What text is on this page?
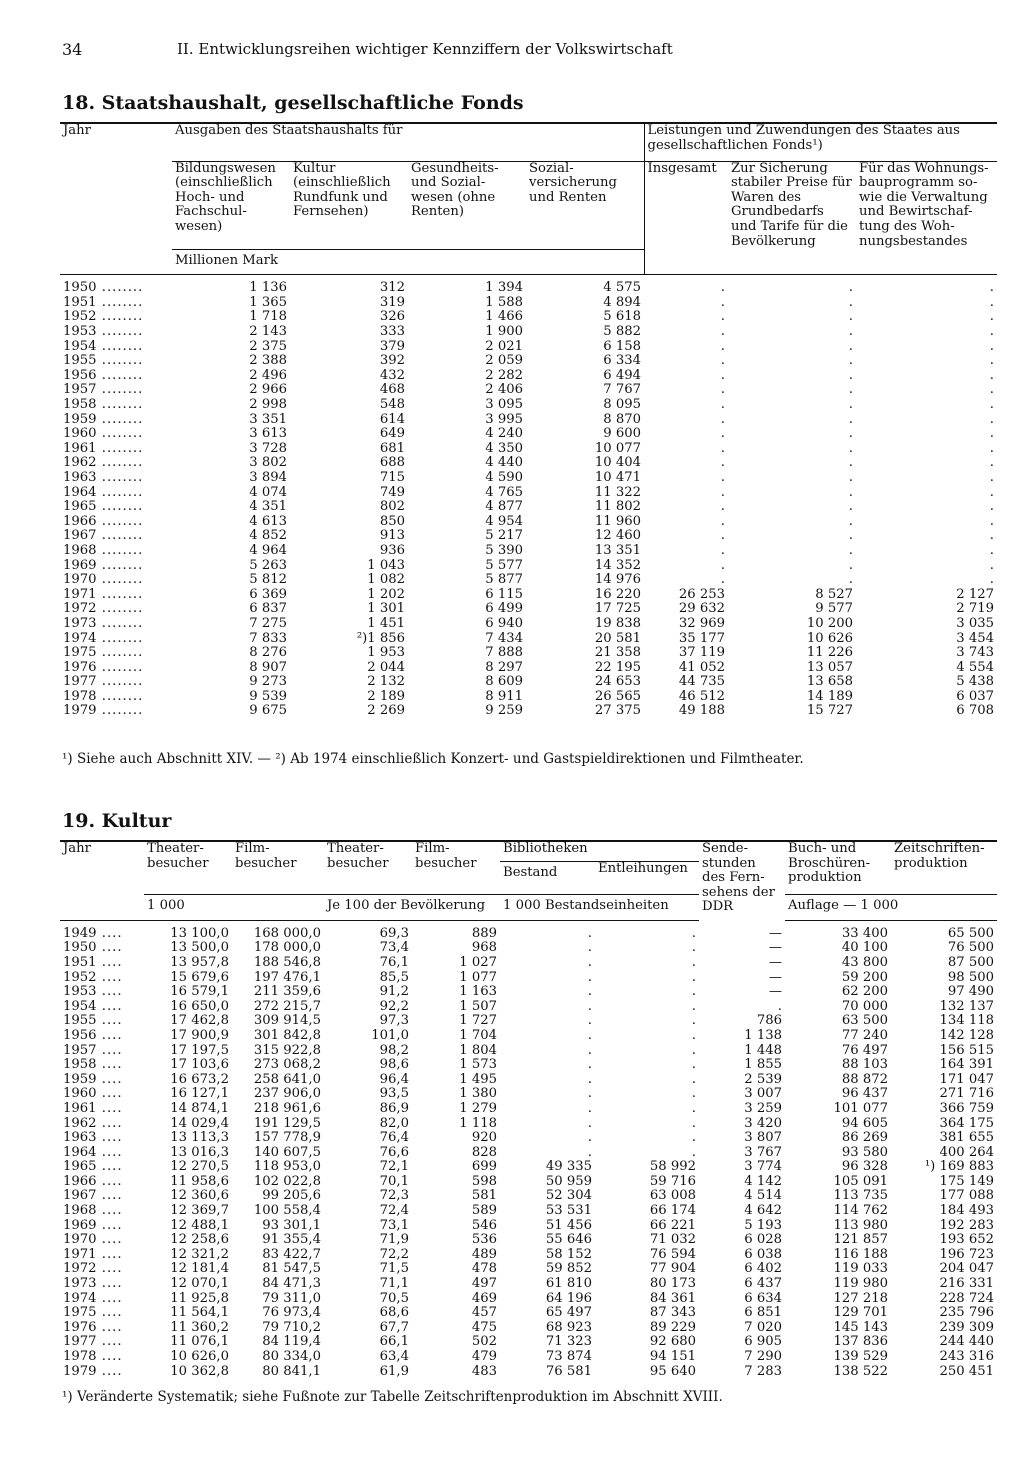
34	II. Entwicklungsreihen wichtiger Kennziffern der Volkswirtschaft
18. Staatshaushalt, gesellschaftliche Fonds
Jahr	Ausgaben des Staatshaushalts für				Leistungen und Zuwendungen des Staates aus gesellschaftlichen Fonds¹)		
	Bildungswesen (einschließlich Hoch- und Fachschul-wesen)	Kultur (einschließlich Rundfunk und Fernsehen)	Gesundheits- und Sozial-wesen (ohne Renten)	Sozial-versicherung und Renten	Insgesamt	Zur Sicherung stabiler Preise für Waren des Grundbedarfs und Tarife für die Bevölkerung	Für das Wohnungs-bauprogramm so-wie die Verwaltung und Bewirtschaf-tung des Woh-nungsbestandes
	Millionen Mark						

1950 ........	1 136	312	1 394	4 575	.	.	.
1951 ........	1 365	319	1 588	4 894	.	.	.
1952 ........	1 718	326	1 466	5 618	.	.	.
1953 ........	2 143	333	1 900	5 882	.	.	.
1954 ........	2 375	379	2 021	6 158	.	.	.
1955 ........	2 388	392	2 059	6 334	.	.	.
1956 ........	2 496	432	2 282	6 494	.	.	.
1957 ........	2 966	468	2 406	7 767	.	.	.
1958 ........	2 998	548	3 095	8 095	.	.	.
1959 ........	3 351	614	3 995	8 870	.	.	.
1960 ........	3 613	649	4 240	9 600	.	.	.
1961 ........	3 728	681	4 350	10 077	.	.	.
1962 ........	3 802	688	4 440	10 404	.	.	.
1963 ........	3 894	715	4 590	10 471	.	.	.
1964 ........	4 074	749	4 765	11 322	.	.	.
1965 ........	4 351	802	4 877	11 802	.	.	.
1966 ........	4 613	850	4 954	11 960	.	.	.
1967 ........	4 852	913	5 217	12 460	.	.	.
1968 ........	4 964	936	5 390	13 351	.	.	.
1969 ........	5 263	1 043	5 577	14 352	.	.	.
1970 ........	5 812	1 082	5 877	14 976	.	.	.
1971 ........	6 369	1 202	6 115	16 220	26 253	8 527	2 127
1972 ........	6 837	1 301	6 499	17 725	29 632	9 577	2 719
1973 ........	7 275	1 451	6 940	19 838	32 969	10 200	3 035
1974 ........	7 833	²)1 856	7 434	20 581	35 177	10 626	3 454
1975 ........	8 276	1 953	7 888	21 358	37 119	11 226	3 743
1976 ........	8 907	2 044	8 297	22 195	41 052	13 057	4 554
1977 ........	9 273	2 132	8 609	24 653	44 735	13 658	5 438
1978 ........	9 539	2 189	8 911	26 565	46 512	14 189	6 037
1979 ........	9 675	2 269	9 259	27 375	49 188	15 727	6 708
¹) Siehe auch Abschnitt XIV. — ²) Ab 1974 einschließlich Konzert- und Gastspieldirektionen und Filmtheater.
19. Kultur
Jahr	Theater-besucher	Film-besucher	Theater-besucher	Film-besucher	Bibliotheken		Sende-stunden des Fern-sehens der DDR	Buch- und Broschüren-produktion	Zeitschriften-produktion
					Bestand	Entleihungen			
	1 000		Je 100 der Bevölkerung		1 000 Bestandseinheiten			Auflage — 1 000	

1949 ....	13 100,0	168 000,0	69,3	889	.	.	—	33 400	65 500
1950 ....	13 500,0	178 000,0	73,4	968	.	.	—	40 100	76 500
1951 ....	13 957,8	188 546,8	76,1	1 027	.	.	—	43 800	87 500
1952 ....	15 679,6	197 476,1	85,5	1 077	.	.	—	59 200	98 500
1953 ....	16 579,1	211 359,6	91,2	1 163	.	.	—	62 200	97 490
1954 ....	16 650,0	272 215,7	92,2	1 507	.	.	.	70 000	132 137
1955 ....	17 462,8	309 914,5	97,3	1 727	.	.	786	63 500	134 118
1956 ....	17 900,9	301 842,8	101,0	1 704	.	.	1 138	77 240	142 128
1957 ....	17 197,5	315 922,8	98,2	1 804	.	.	1 448	76 497	156 515
1958 ....	17 103,6	273 068,2	98,6	1 573	.	.	1 855	88 103	164 391
1959 ....	16 673,2	258 641,0	96,4	1 495	.	.	2 539	88 872	171 047
1960 ....	16 127,1	237 906,0	93,5	1 380	.	.	3 007	96 437	271 716
1961 ....	14 874,1	218 961,6	86,9	1 279	.	.	3 259	101 077	366 759
1962 ....	14 029,4	191 129,5	82,0	1 118	.	.	3 420	94 605	364 175
1963 ....	13 113,3	157 778,9	76,4	920	.	.	3 807	86 269	381 655
1964 ....	13 016,3	140 607,5	76,6	828	.	.	3 767	93 580	400 264
1965 ....	12 270,5	118 953,0	72,1	699	49 335	58 992	3 774	96 328	¹) 169 883
1966 ....	11 958,6	102 022,8	70,1	598	50 959	59 716	4 142	105 091	175 149
1967 ....	12 360,6	99 205,6	72,3	581	52 304	63 008	4 514	113 735	177 088
1968 ....	12 369,7	100 558,4	72,4	589	53 531	66 174	4 642	114 762	184 493
1969 ....	12 488,1	93 301,1	73,1	546	51 456	66 221	5 193	113 980	192 283
1970 ....	12 258,6	91 355,4	71,9	536	55 646	71 032	6 028	121 857	193 652
1971 ....	12 321,2	83 422,7	72,2	489	58 152	76 594	6 038	116 188	196 723
1972 ....	12 181,4	81 547,5	71,5	478	59 852	77 904	6 402	119 033	204 047
1973 ....	12 070,1	84 471,3	71,1	497	61 810	80 173	6 437	119 980	216 331
1974 ....	11 925,8	79 311,0	70,5	469	64 196	84 361	6 634	127 218	228 724
1975 ....	11 564,1	76 973,4	68,6	457	65 497	87 343	6 851	129 701	235 796
1976 ....	11 360,2	79 710,2	67,7	475	68 923	89 229	7 020	145 143	239 309
1977 ....	11 076,1	84 119,4	66,1	502	71 323	92 680	6 905	137 836	244 440
1978 ....	10 626,0	80 334,0	63,4	479	73 874	94 151	7 290	139 529	243 316
1979 ....	10 362,8	80 841,1	61,9	483	76 581	95 640	7 283	138 522	250 451
¹) Veränderte Systematik; siehe Fußnote zur Tabelle Zeitschriftenproduktion im Abschnitt XVIII.
